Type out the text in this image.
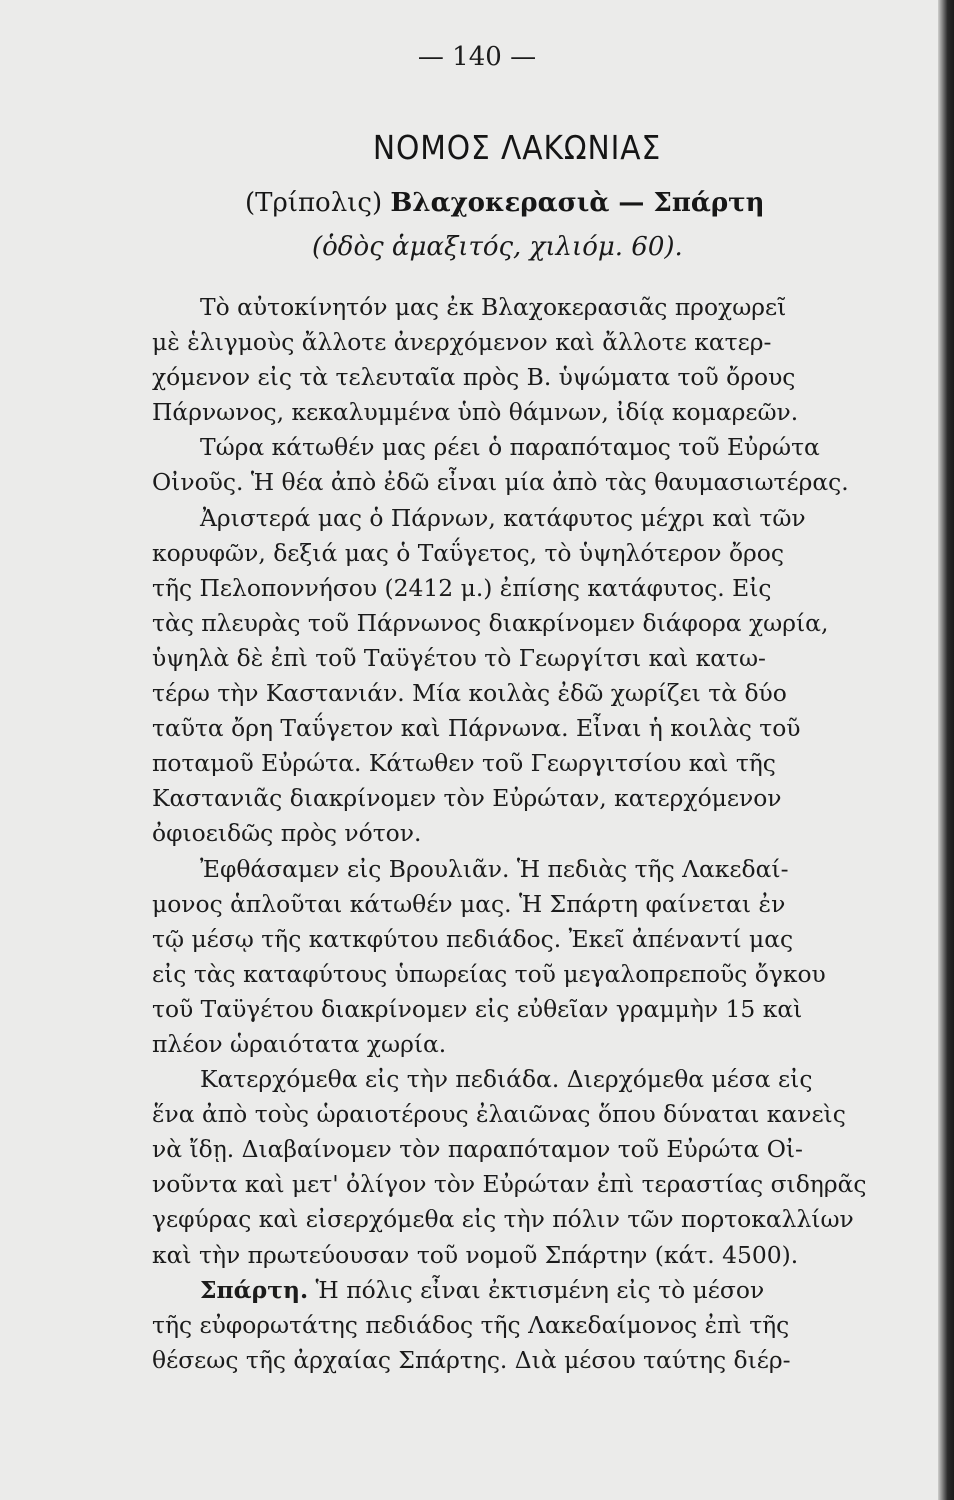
— 140 —
ΝΟΜΟΣ ΛΑΚΩΝΙΑΣ
(Τρίπολις) Βλαχοκερασιὰ — Σπάρτη
(ὁδὸς ἁμαξιτός, χιλιόμ. 60).
Τὸ αὐτοκίνητόν μας ἐκ Βλαχοκερασιᾶς προχωρεῖ
μὲ ἑλιγμοὺς ἄλλοτε ἀνερχόμενον καὶ ἄλλοτε κατερ-
χόμενον εἰς τὰ τελευταῖα πρὸς Β. ὑψώματα τοῦ ὄρους
Πάρνωνος, κεκαλυμμένα ὑπὸ θάμνων, ἰδίᾳ κομαρεῶν.
Τώρα κάτωθέν μας ρέει ὁ παραπόταμος τοῦ Εὐρώτα
Οἰνοῦς. Ἡ θέα ἀπὸ ἐδῶ εἶναι μία ἀπὸ τὰς θαυμασιωτέρας.
Ἀριστερά μας ὁ Πάρνων, κατάφυτος μέχρι καὶ τῶν
κορυφῶν, δεξιά μας ὁ Ταΰγετος, τὸ ὑψηλότερον ὄρος
τῆς Πελοποννήσου (2412 μ.) ἐπίσης κατάφυτος. Εἰς
τὰς πλευρὰς τοῦ Πάρνωνος διακρίνομεν διάφορα χωρία,
ὑψηλὰ δὲ ἐπὶ τοῦ Ταϋγέτου τὸ Γεωργίτσι καὶ κατω-
τέρω τὴν Καστανιάν. Μία κοιλὰς ἐδῶ χωρίζει τὰ δύο
ταῦτα ὄρη Ταΰγετον καὶ Πάρνωνα. Εἶναι ἡ κοιλὰς τοῦ
ποταμοῦ Εὐρώτα. Κάτωθεν τοῦ Γεωργιτσίου καὶ τῆς
Καστανιᾶς διακρίνομεν τὸν Εὐρώταν, κατερχόμενον
ὀφιοειδῶς πρὸς νότον.
Ἐφθάσαμεν εἰς Βρουλιᾶν. Ἡ πεδιὰς τῆς Λακεδαί-
μονος ἁπλοῦται κάτωθέν μας. Ἡ Σπάρτη φαίνεται ἐν
τῷ μέσῳ τῆς κατκφύτου πεδιάδος. Ἐκεῖ ἀπέναντί μας
εἰς τὰς καταφύτους ὑπωρείας τοῦ μεγαλοπρεποῦς ὄγκου
τοῦ Ταϋγέτου διακρίνομεν εἰς εὐθεῖαν γραμμὴν 15 καὶ
πλέον ὡραιότατα χωρία.
Κατερχόμεθα εἰς τὴν πεδιάδα. Διερχόμεθα μέσα εἰς
ἕνα ἀπὸ τοὺς ὡραιοτέρους ἐλαιῶνας ὅπου δύναται κανεὶς
νὰ ἴδῃ. Διαβαίνομεν τὸν παραπόταμον τοῦ Εὐρώτα Οἰ-
νοῦντα καὶ μετ' ὀλίγον τὸν Εὐρώταν ἐπὶ τεραστίας σιδηρᾶς
γεφύρας καὶ εἰσερχόμεθα εἰς τὴν πόλιν τῶν πορτοκαλλίων
καὶ τὴν πρωτεύουσαν τοῦ νομοῦ Σπάρτην (κάτ. 4500).
Σπάρτη. Ἡ πόλις εἶναι ἐκτισμένη εἰς τὸ μέσον
τῆς εὐφορωτάτης πεδιάδος τῆς Λακεδαίμονος ἐπὶ τῆς
θέσεως τῆς ἀρχαίας Σπάρτης. Διὰ μέσου ταύτης διέρ-
